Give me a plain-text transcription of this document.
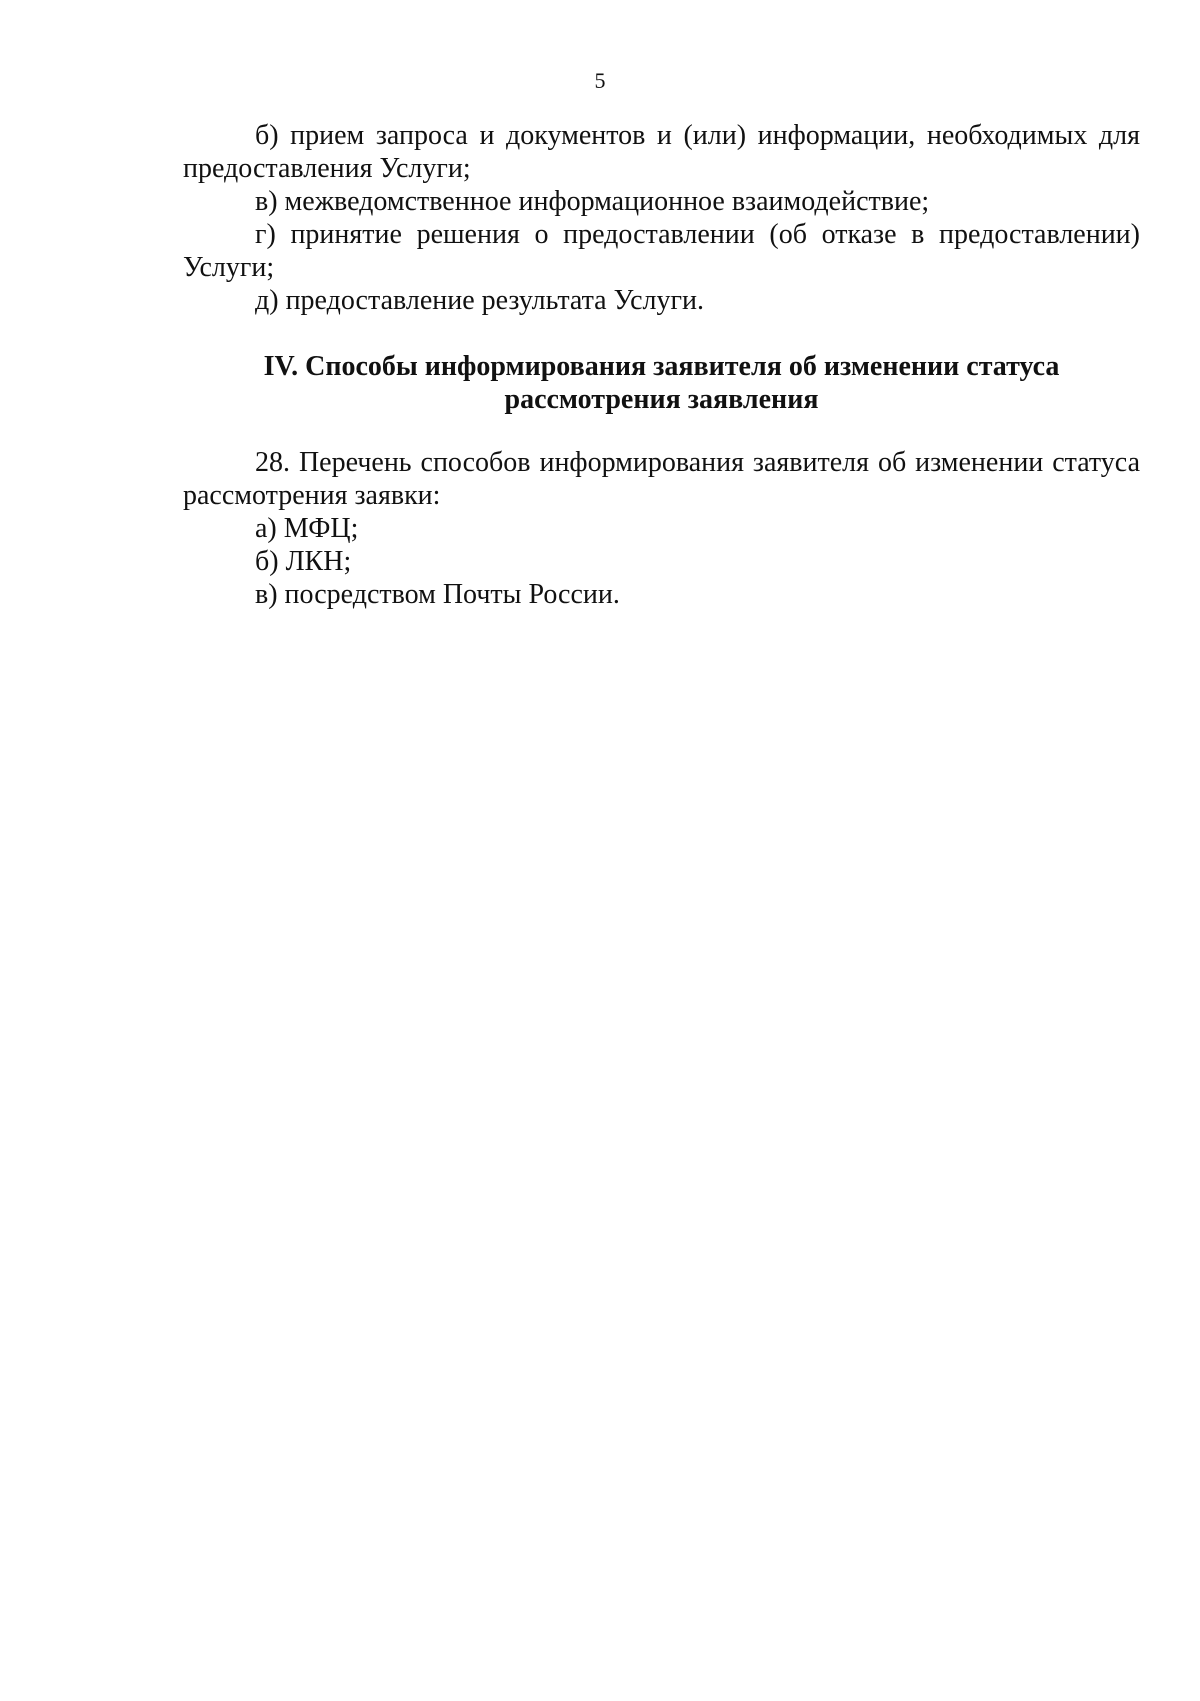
5

б) прием запроса и документов и (или) информации, необходимых для предоставления Услуги;

в) межведомственное информационное взаимодействие;

г) принятие решения о предоставлении (об отказе в предоставлении) Услуги;

д) предоставление результата Услуги.

IV. Способы информирования заявителя об изменении статуса
рассмотрения заявления

28. Перечень способов информирования заявителя об изменении статуса рассмотрения заявки:

а) МФЦ;

б) ЛКН;

в) посредством Почты России.
